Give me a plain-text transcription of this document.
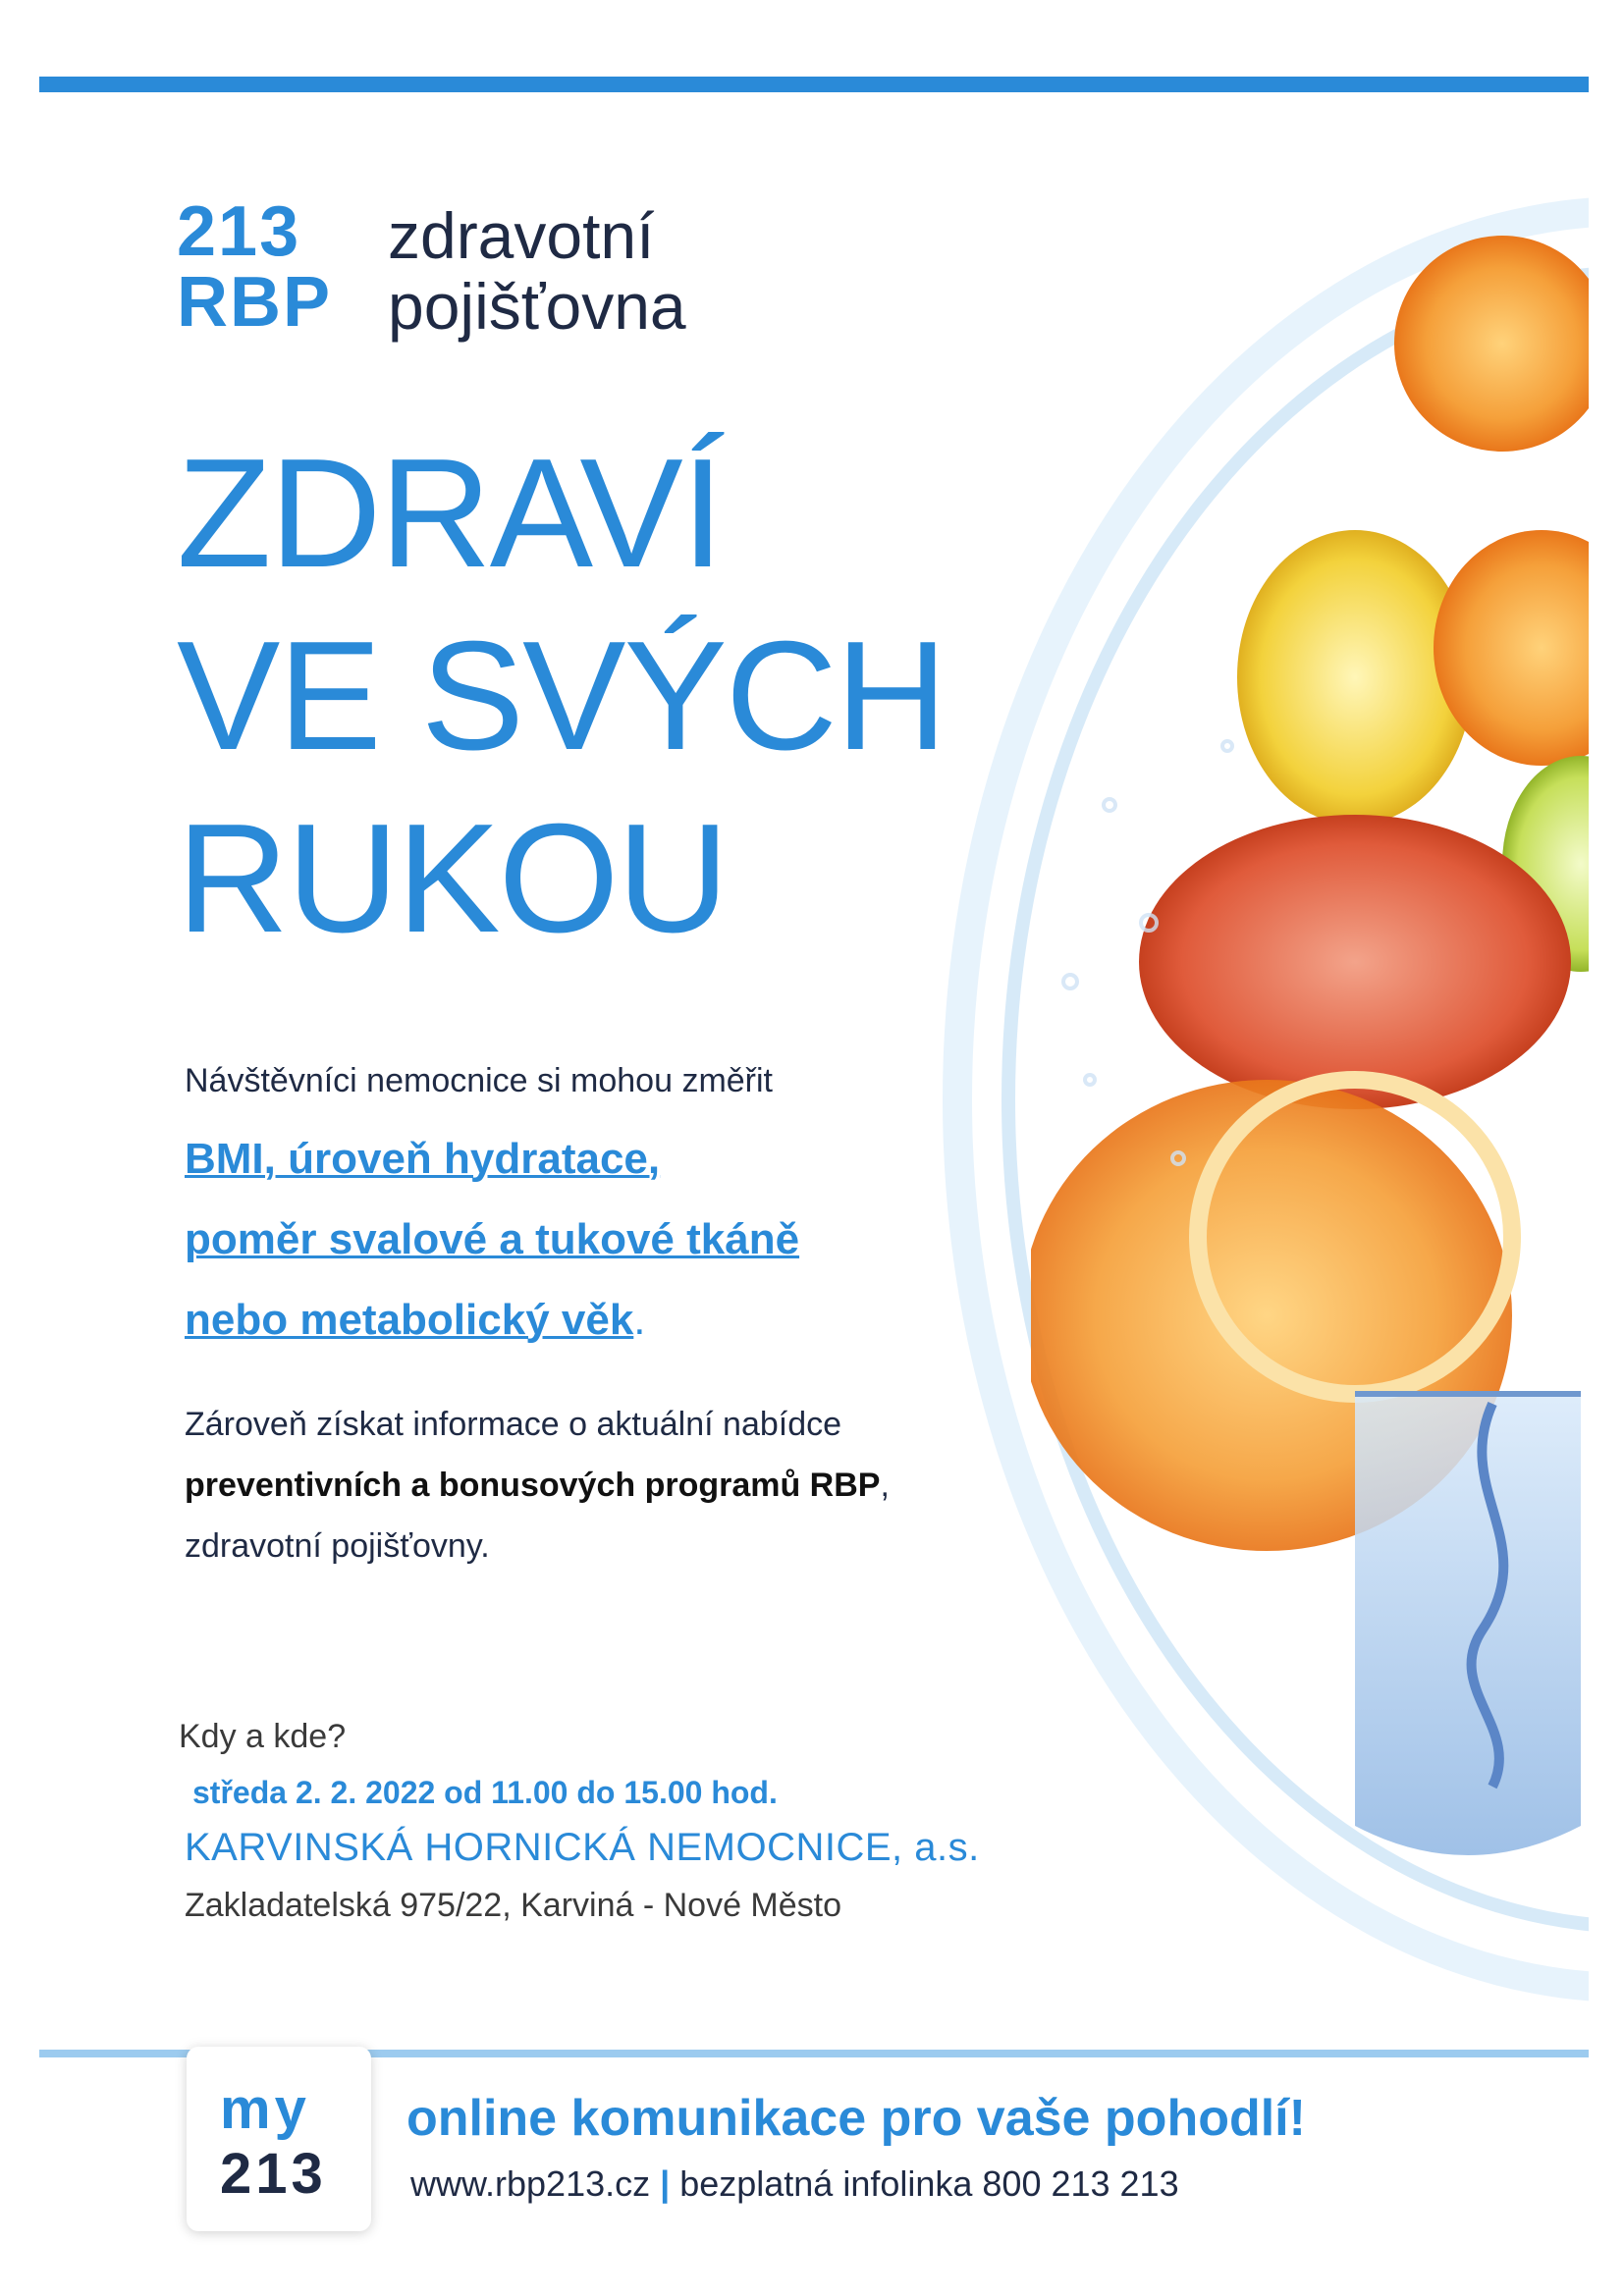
213
RBP
zdravotní
pojišťovna
ZDRAVÍ
VE SVÝCH
RUKOU
Návštěvníci nemocnice si mohou změřit
BMI, úroveň hydratace,
poměr svalové a tukové tkáně
nebo metabolický věk.
Zároveň získat informace o aktuální nabídce
preventivních a bonusových programů RBP,
zdravotní pojišťovny.
Kdy a kde?
středa 2. 2. 2022 od 11.00 do 15.00 hod.
KARVINSKÁ HORNICKÁ NEMOCNICE, a.s.
Zakladatelská 975/22, Karviná - Nové Město
my
213
online komunikace pro vaše pohodlí!
www.rbp213.cz | bezplatná infolinka 800 213 213
